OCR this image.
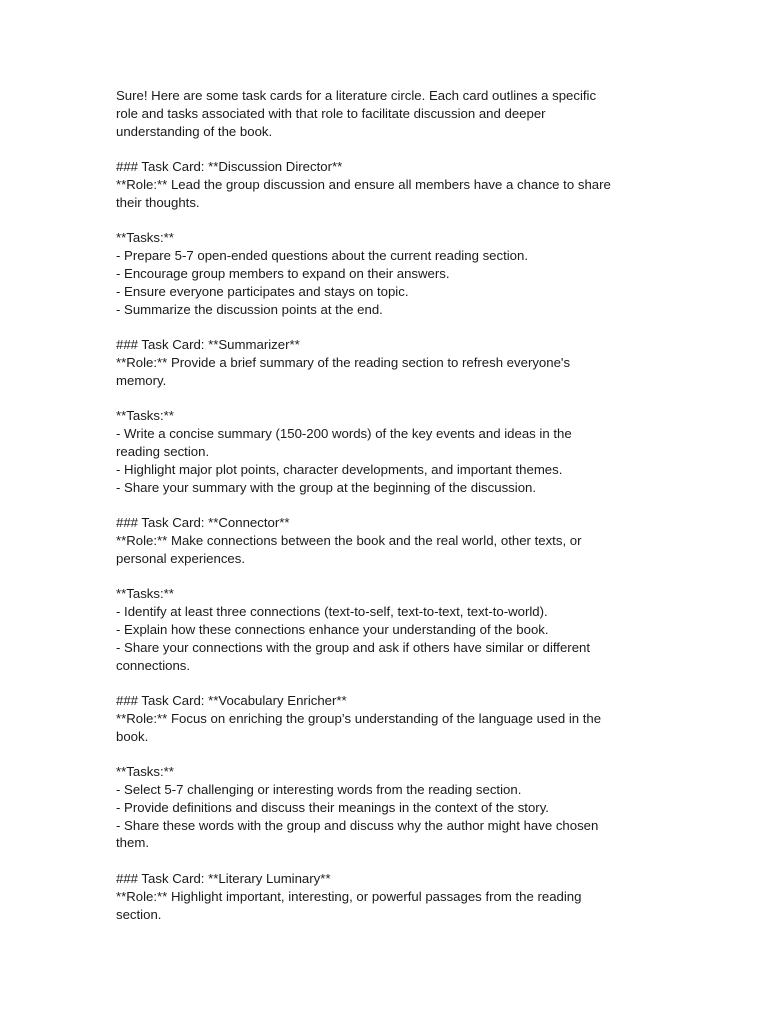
Sure! Here are some task cards for a literature circle. Each card outlines a specific
role and tasks associated with that role to facilitate discussion and deeper
understanding of the book.
### Task Card: **Discussion Director**
**Role:** Lead the group discussion and ensure all members have a chance to share
their thoughts.
**Tasks:**
- Prepare 5-7 open-ended questions about the current reading section.
- Encourage group members to expand on their answers.
- Ensure everyone participates and stays on topic.
- Summarize the discussion points at the end.
### Task Card: **Summarizer**
**Role:** Provide a brief summary of the reading section to refresh everyone's
memory.
**Tasks:**
- Write a concise summary (150-200 words) of the key events and ideas in the
reading section.
- Highlight major plot points, character developments, and important themes.
- Share your summary with the group at the beginning of the discussion.
### Task Card: **Connector**
**Role:** Make connections between the book and the real world, other texts, or
personal experiences.
**Tasks:**
- Identify at least three connections (text-to-self, text-to-text, text-to-world).
- Explain how these connections enhance your understanding of the book.
- Share your connections with the group and ask if others have similar or different
connections.
### Task Card: **Vocabulary Enricher**
**Role:** Focus on enriching the group’s understanding of the language used in the
book.
**Tasks:**
- Select 5-7 challenging or interesting words from the reading section.
- Provide definitions and discuss their meanings in the context of the story.
- Share these words with the group and discuss why the author might have chosen
them.
### Task Card: **Literary Luminary**
**Role:** Highlight important, interesting, or powerful passages from the reading
section.
